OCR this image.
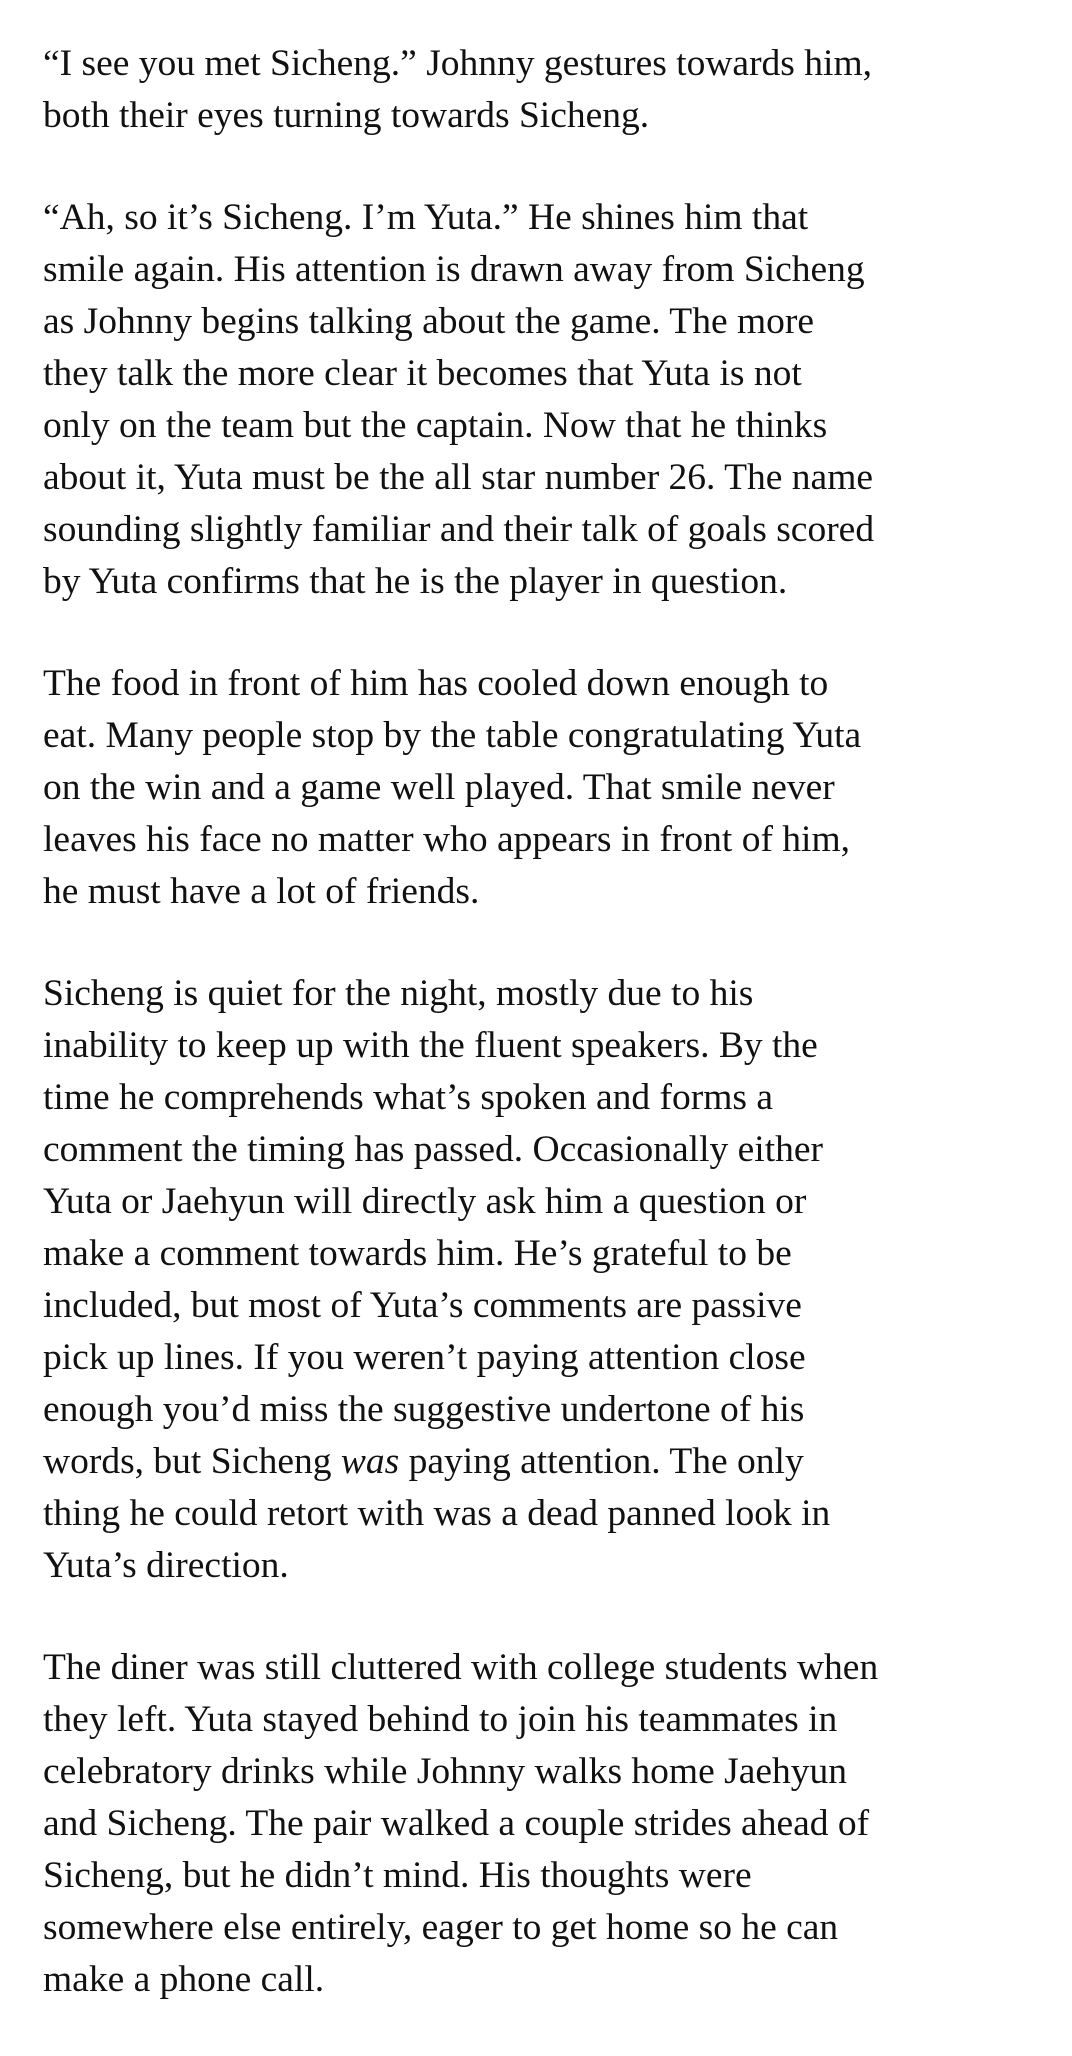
“I see you met Sicheng.” Johnny gestures towards him,
both their eyes turning towards Sicheng.
“Ah, so it’s Sicheng. I’m Yuta.” He shines him that
smile again. His attention is drawn away from Sicheng
as Johnny begins talking about the game. The more
they talk the more clear it becomes that Yuta is not
only on the team but the captain. Now that he thinks
about it, Yuta must be the all star number 26. The name
sounding slightly familiar and their talk of goals scored
by Yuta confirms that he is the player in question.
The food in front of him has cooled down enough to
eat. Many people stop by the table congratulating Yuta
on the win and a game well played. That smile never
leaves his face no matter who appears in front of him,
he must have a lot of friends.
Sicheng is quiet for the night, mostly due to his
inability to keep up with the fluent speakers. By the
time he comprehends what’s spoken and forms a
comment the timing has passed. Occasionally either
Yuta or Jaehyun will directly ask him a question or
make a comment towards him. He’s grateful to be
included, but most of Yuta’s comments are passive
pick up lines. If you weren’t paying attention close
enough you’d miss the suggestive undertone of his
words, but Sicheng was paying attention. The only
thing he could retort with was a dead panned look in
Yuta’s direction.
The diner was still cluttered with college students when
they left. Yuta stayed behind to join his teammates in
celebratory drinks while Johnny walks home Jaehyun
and Sicheng. The pair walked a couple strides ahead of
Sicheng, but he didn’t mind. His thoughts were
somewhere else entirely, eager to get home so he can
make a phone call.
